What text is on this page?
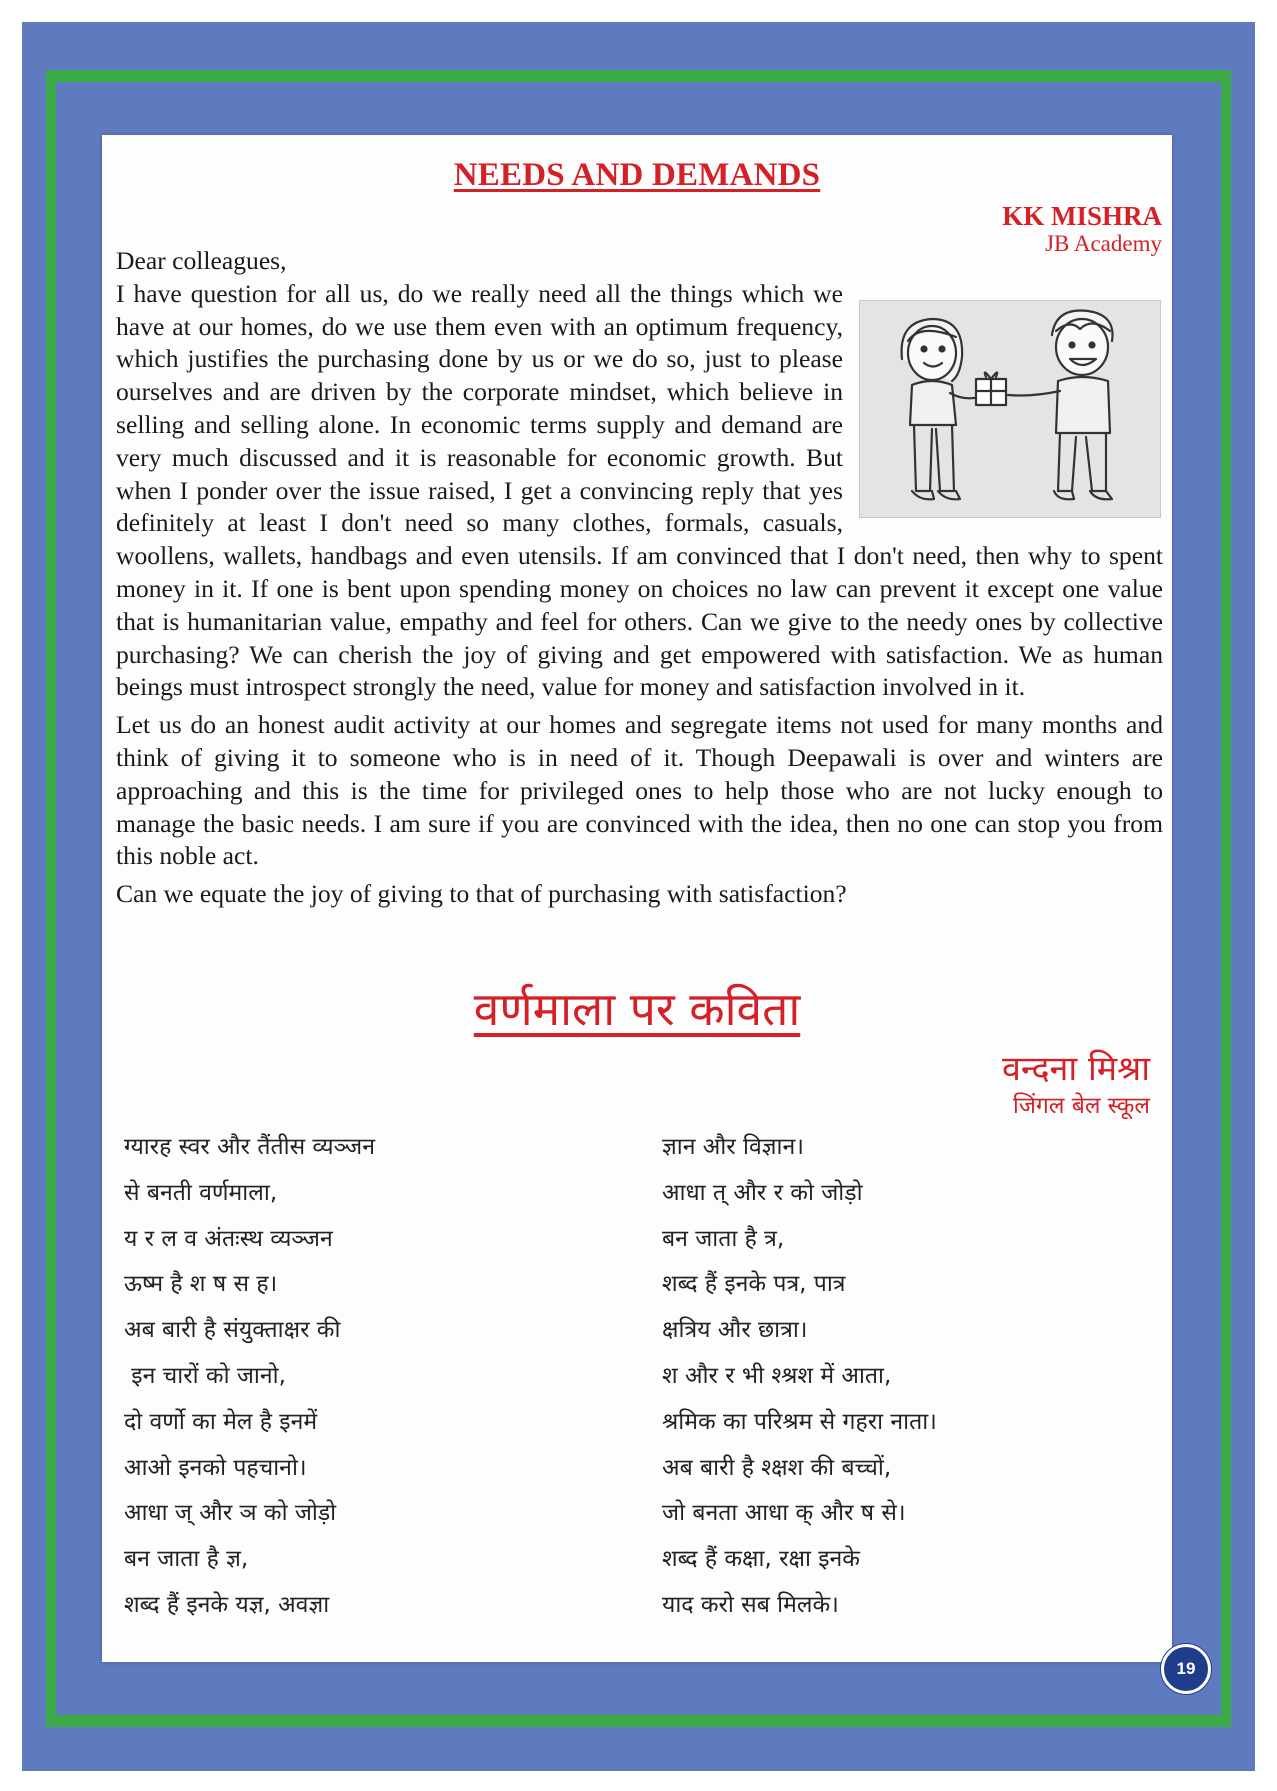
NEEDS AND DEMANDS
KK MISHRA
JB Academy

Dear colleagues,

I have question for all us, do we really need all the things which we have at our homes, do we use them even with an optimum frequency, which justifies the purchasing done by us or we do so, just to please ourselves and are driven by the corporate mindset, which believe in selling and selling alone. In economic terms supply and demand are very much discussed and it is reasonable for economic growth. But when I ponder over the issue raised, I get a convincing reply that yes definitely at least I don't need so many clothes, formals, casuals, woollens, wallets, handbags and even utensils. If am convinced that I don't need, then why to spent money in it. If one is bent upon spending money on choices no law can prevent it except one value that is humanitarian value, empathy and feel for others. Can we give to the needy ones by collective purchasing? We can cherish the joy of giving and get empowered with satisfaction. We as human beings must introspect strongly the need, value for money and satisfaction involved in it.

Let us do an honest audit activity at our homes and segregate items not used for many months and think of giving it to someone who is in need of it. Though Deepawali is over and winters are approaching and this is the time for privileged ones to help those who are not lucky enough to manage the basic needs. I am sure if you are convinced with the idea, then no one can stop you from this noble act.

Can we equate the joy of giving to that of purchasing with satisfaction?

वर्णमाला पर कविता
वन्दना मिश्रा
जिंगल बेल स्कूल
ग्यारह स्वर और तैंतीस व्यञ्जन
से बनती वर्णमाला,
य र ल व अंतःस्थ व्यञ्जन
ऊष्म है श ष स ह।
अब बारी है संयुक्ताक्षर की
इन चारों को जानो,
दो वर्णो का मेल है इनमें
आओ इनको पहचानो।
आधा ज् और ञ को जोड़ो
बन जाता है ज्ञ,
शब्द हैं इनके यज्ञ, अवज्ञा
ज्ञान और विज्ञान।
आधा त् और र को जोड़ो
बन जाता है त्र,
शब्द हैं इनके पत्र, पात्र
क्षत्रिय और छात्रा।
श और र भी श्श्रश में आता,
श्रमिक का परिश्रम से गहरा नाता।
अब बारी है श्क्षश की बच्चों,
जो बनता आधा क् और ष से।
शब्द हैं कक्षा, रक्षा इनके
याद करो सब मिलके।
19
